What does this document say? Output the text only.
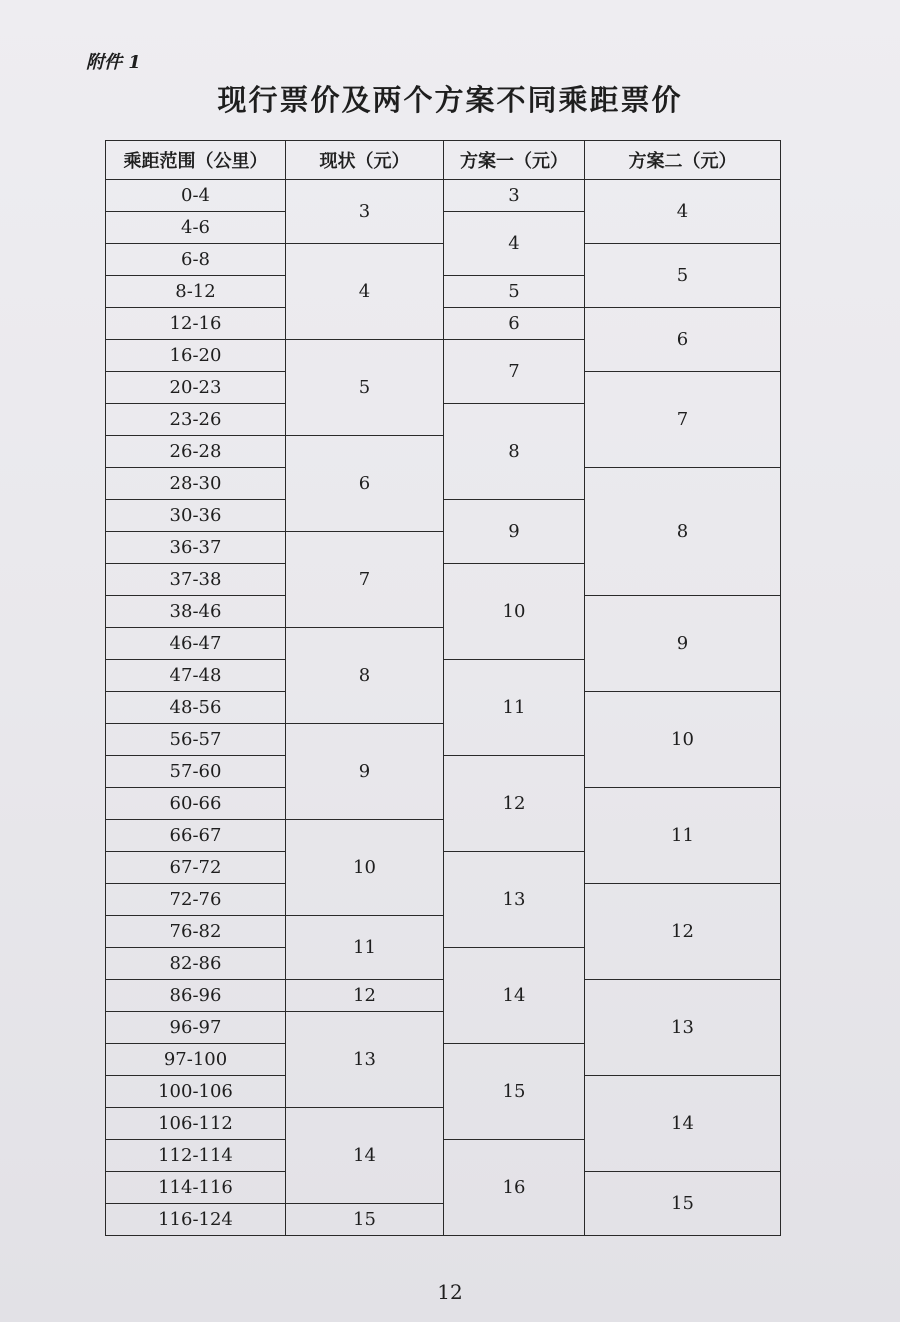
附件 1
现行票价及两个方案不同乘距票价
乘距范围（公里）	现状（元）	方案一（元）	方案二（元）
0-4	3	3	4
4-6		4	
6-8	4		5
8-12		5	
12-16		6	6
16-20	5	7	
20-23			7
23-26		8	
26-28	6		
28-30			8
30-36		9	
36-37	7		
37-38		10	
38-46			9
46-47	8		
47-48		11	
48-56			10
56-57	9		
57-60		12	
60-66			11
66-67	10		
67-72		13	
72-76			12
76-82	11		
82-86		14	
86-96	12		13
96-97	13		
97-100		15	
100-106			14
106-112	14		
112-114		16	
114-116			15
116-124	15		
12
